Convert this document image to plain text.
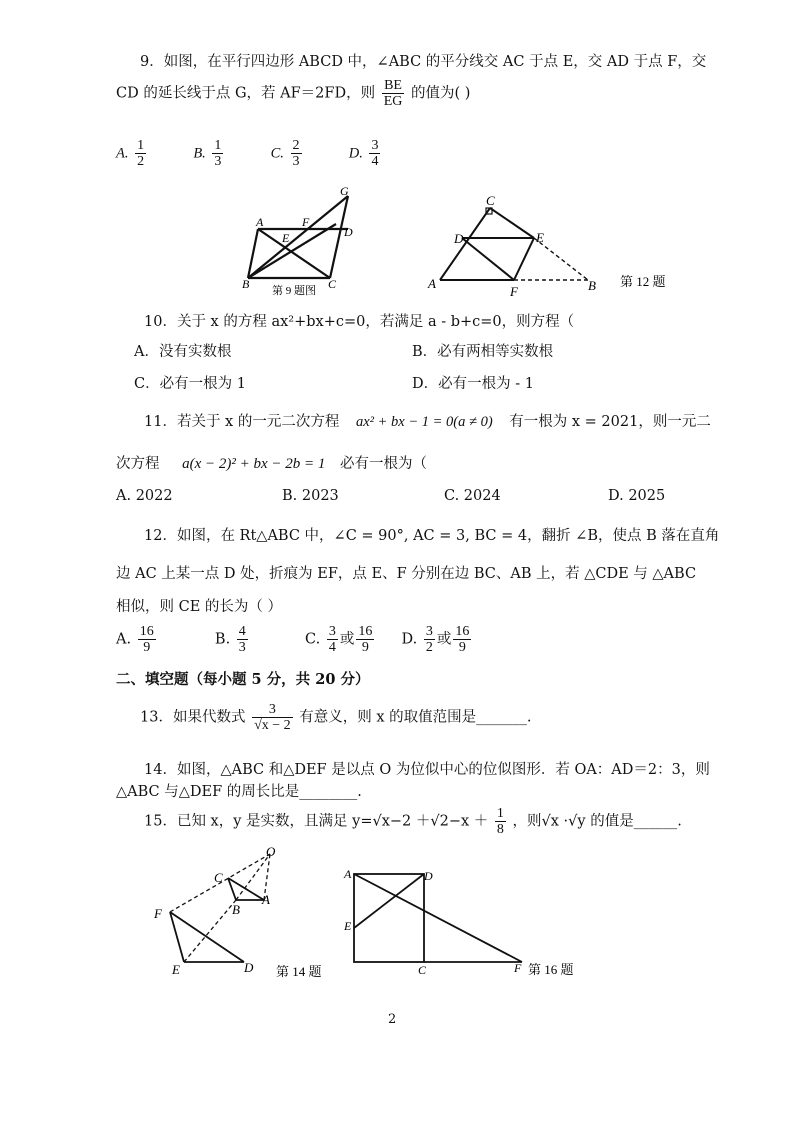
9．如图，在平行四边形 ABCD 中，∠ABC 的平分线交 AC 于点 E，交 AD 于点 F，交
CD 的延长线于点 G，若 AF＝2FD，则 $\frac{BE}{EG}$ 的值为( )
A. $\frac{1}{2}$	B. $\frac{1}{3}$	C. $\frac{2}{3}$	D. $\frac{3}{4}$
A	F
G
D
E
B	C
第 9 题图
C
D	E
A
F	B 第 12 题
10．关于 x 的方程 ax²+bx+c=0，若满足 a - b+c=0，则方程（
A．没有实数根	B．必有两相等实数根
C．必有一根为 1	D．必有一根为 - 1
11．若关于 x 的一元二次方程 ax² + bx − 1 = 0(a ≠ 0) 有一根为 x = 2021，则一元二
次方程 a(x − 2)² + bx − 2b = 1 必有一根为（
A. 2022	B. 2023	C. 2024	D. 2025
12．如图，在 Rt△ABC 中，∠C = 90°, AC = 3, BC = 4，翻折 ∠B，使点 B 落在直角
边 AC 上某一点 D 处，折痕为 EF，点 E、F 分别在边 BC、AB 上，若 △CDE 与 △ABC
相似，则 CE 的长为（ ）
A. $\frac{16}{9}$	B. $\frac{4}{3}$	C. $\frac{3}{4}$ 或 $\frac{16}{9} D$. $\frac{3}{2}$ 或 $\frac{16}{9}$
二、填空题（每小题 5 分，共 20 分）
13．如果代数式 $\frac{3}{√x - 2}$ 有意义，则 x 的取值范围是_______.
14．如图，△ABC 和△DEF 是以点 O 为位似中心的位似图形．若 OA：AD＝2：3，则
△ABC 与△DEF 的周长比是________.
15．已知 x，y 是实数，且满足 $y=√x-2 +√2-x + \frac{1}{8}$ ，则√x ·√y 的值是______.
O
C
A
B
F
E	D 第 14 题
A	D
E
C	F 第 16 题
2
